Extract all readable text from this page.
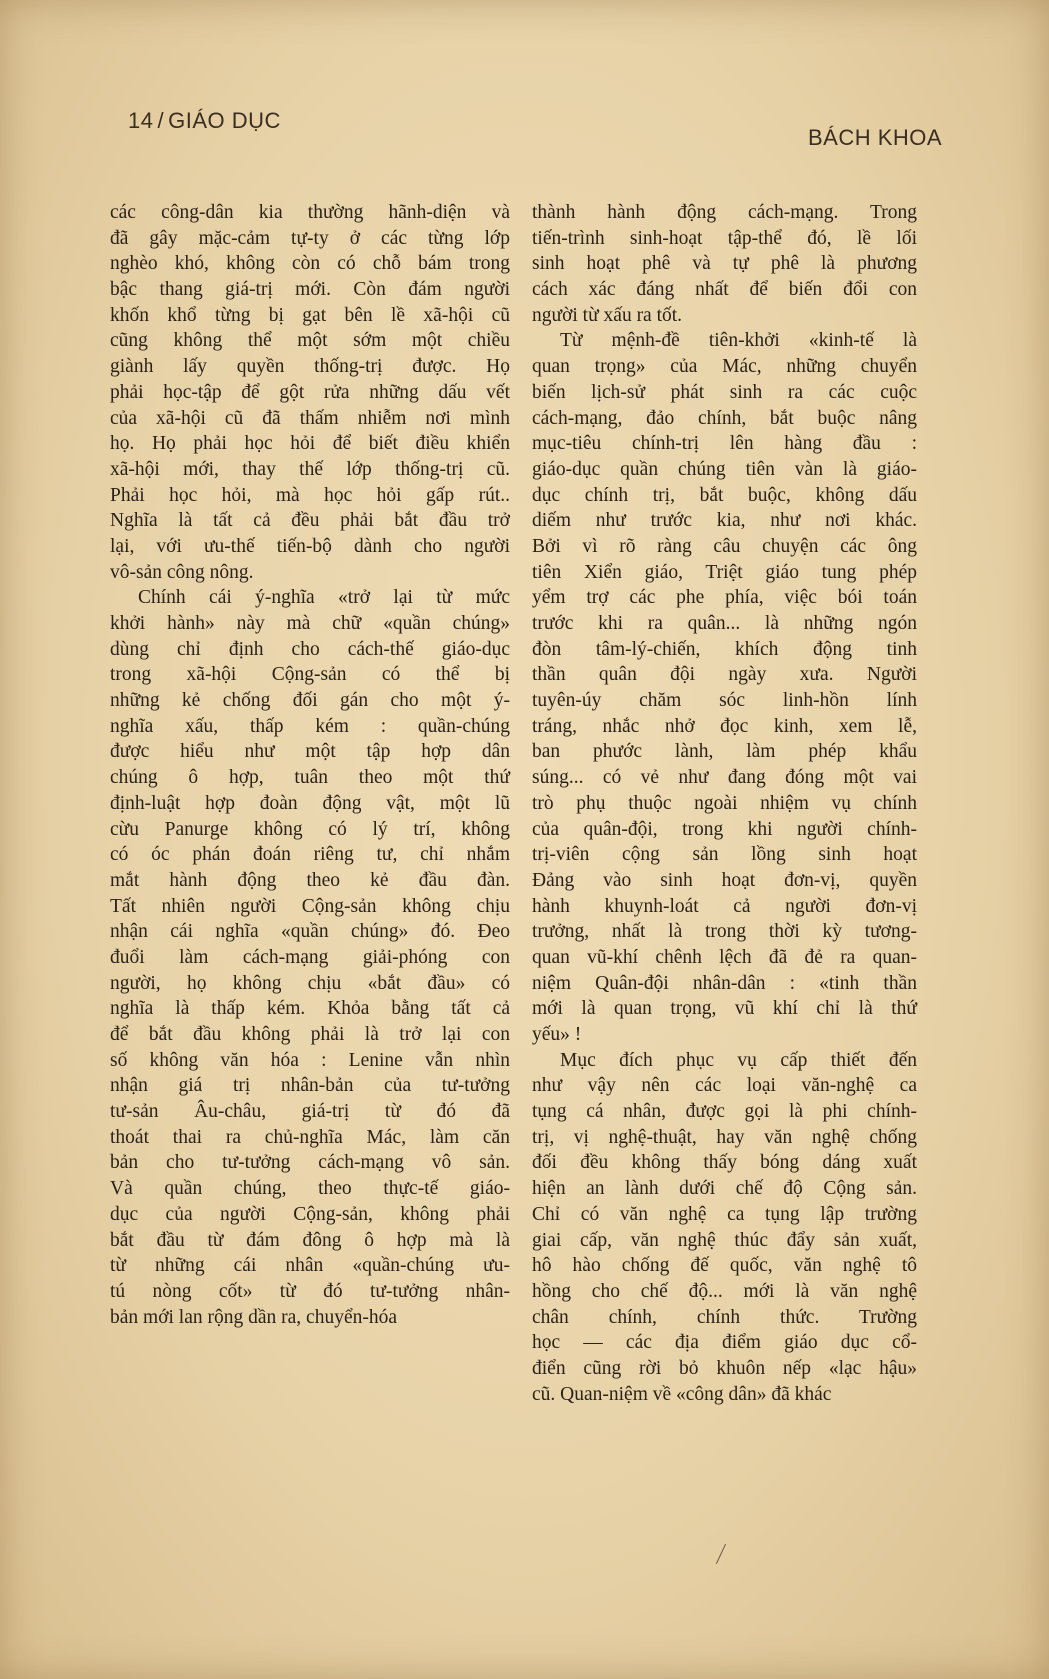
14 / GIÁO DỤC
BÁCH KHOA
các công-dân kia thường hãnh-diện và
đã gây mặc-cảm tự-ty ở các từng lớp
nghèo khó, không còn có chỗ bám trong
bậc thang giá-trị mới. Còn đám người
khốn khổ từng bị gạt bên lề xã-hội cũ
cũng không thể một sớm một chiều
giành lấy quyền thống-trị được. Họ
phải học-tập để gột rửa những dấu vết
của xã-hội cũ đã thấm nhiễm nơi mình
họ. Họ phải học hỏi để biết điều khiển
xã-hội mới, thay thế lớp thống-trị cũ.
Phải học hỏi, mà học hỏi gấp rút..
Nghĩa là tất cả đều phải bắt đầu trở
lại, với ưu-thế tiến-bộ dành cho người
vô-sản công nông.
Chính cái ý-nghĩa «trở lại từ mức
khởi hành» này mà chữ «quần chúng»
dùng chỉ định cho cách-thế giáo-dục
trong xã-hội Cộng-sản có thể bị
những kẻ chống đối gán cho một ý-
nghĩa xấu, thấp kém : quần-chúng
được hiểu như một tập hợp dân
chúng ô hợp, tuân theo một thứ
định-luật hợp đoàn động vật, một lũ
cừu Panurge không có lý trí, không
có óc phán đoán riêng tư, chỉ nhắm
mắt hành động theo kẻ đầu đàn.
Tất nhiên người Cộng-sản không chịu
nhận cái nghĩa «quần chúng» đó. Đeo
đuổi làm cách-mạng giải-phóng con
người, họ không chịu «bắt đầu» có
nghĩa là thấp kém. Khỏa bằng tất cả
để bắt đầu không phải là trở lại con
số không văn hóa : Lenine vẫn nhìn
nhận giá trị nhân-bản của tư-tưởng
tư-sản Âu-châu, giá-trị từ đó đã
thoát thai ra chủ-nghĩa Mác, làm căn
bản cho tư-tưởng cách-mạng vô sản.
Và quần chúng, theo thực-tế giáo-
dục của người Cộng-sản, không phải
bắt đầu từ đám đông ô hợp mà là
từ những cái nhân «quần-chúng ưu-
tú nòng cốt» từ đó tư-tưởng nhân-
bản mới lan rộng dần ra, chuyển-hóa
thành hành động cách-mạng. Trong
tiến-trình sinh-hoạt tập-thể đó, lề lối
sinh hoạt phê và tự phê là phương
cách xác đáng nhất để biến đổi con
người từ xấu ra tốt.
Từ mệnh-đề tiên-khởi «kinh-tế là
quan trọng» của Mác, những chuyển
biến lịch-sử phát sinh ra các cuộc
cách-mạng, đảo chính, bắt buộc nâng
mục-tiêu chính-trị lên hàng đầu :
giáo-dục quần chúng tiên vàn là giáo-
dục chính trị, bắt buộc, không dấu
diếm như trước kia, như nơi khác.
Bởi vì rõ ràng câu chuyện các ông
tiên Xiển giáo, Triệt giáo tung phép
yểm trợ các phe phía, việc bói toán
trước khi ra quân... là những ngón
đòn tâm-lý-chiến, khích động tinh
thần quân đội ngày xưa. Người
tuyên-úy chăm sóc linh-hồn lính
tráng, nhắc nhở đọc kinh, xem lễ,
ban phước lành, làm phép khẩu
súng... có vẻ như đang đóng một vai
trò phụ thuộc ngoài nhiệm vụ chính
của quân-đội, trong khi người chính-
trị-viên cộng sản lồng sinh hoạt
Đảng vào sinh hoạt đơn-vị, quyền
hành khuynh-loát cả người đơn-vị
trưởng, nhất là trong thời kỳ tương-
quan vũ-khí chênh lệch đã đẻ ra quan-
niệm Quân-đội nhân-dân : «tinh thần
mới là quan trọng, vũ khí chỉ là thứ
yếu» !
Mục đích phục vụ cấp thiết đến
như vậy nên các loại văn-nghệ ca
tụng cá nhân, được gọi là phi chính-
trị, vị nghệ-thuật, hay văn nghệ chống
đối đều không thấy bóng dáng xuất
hiện an lành dưới chế độ Cộng sản.
Chỉ có văn nghệ ca tụng lập trường
giai cấp, văn nghệ thúc đẩy sản xuất,
hô hào chống đế quốc, văn nghệ tô
hồng cho chế độ... mới là văn nghệ
chân chính, chính thức. Trường
học — các địa điểm giáo dục cổ-
điển cũng rời bỏ khuôn nếp «lạc hậu»
cũ. Quan-niệm về «công dân» đã khác
